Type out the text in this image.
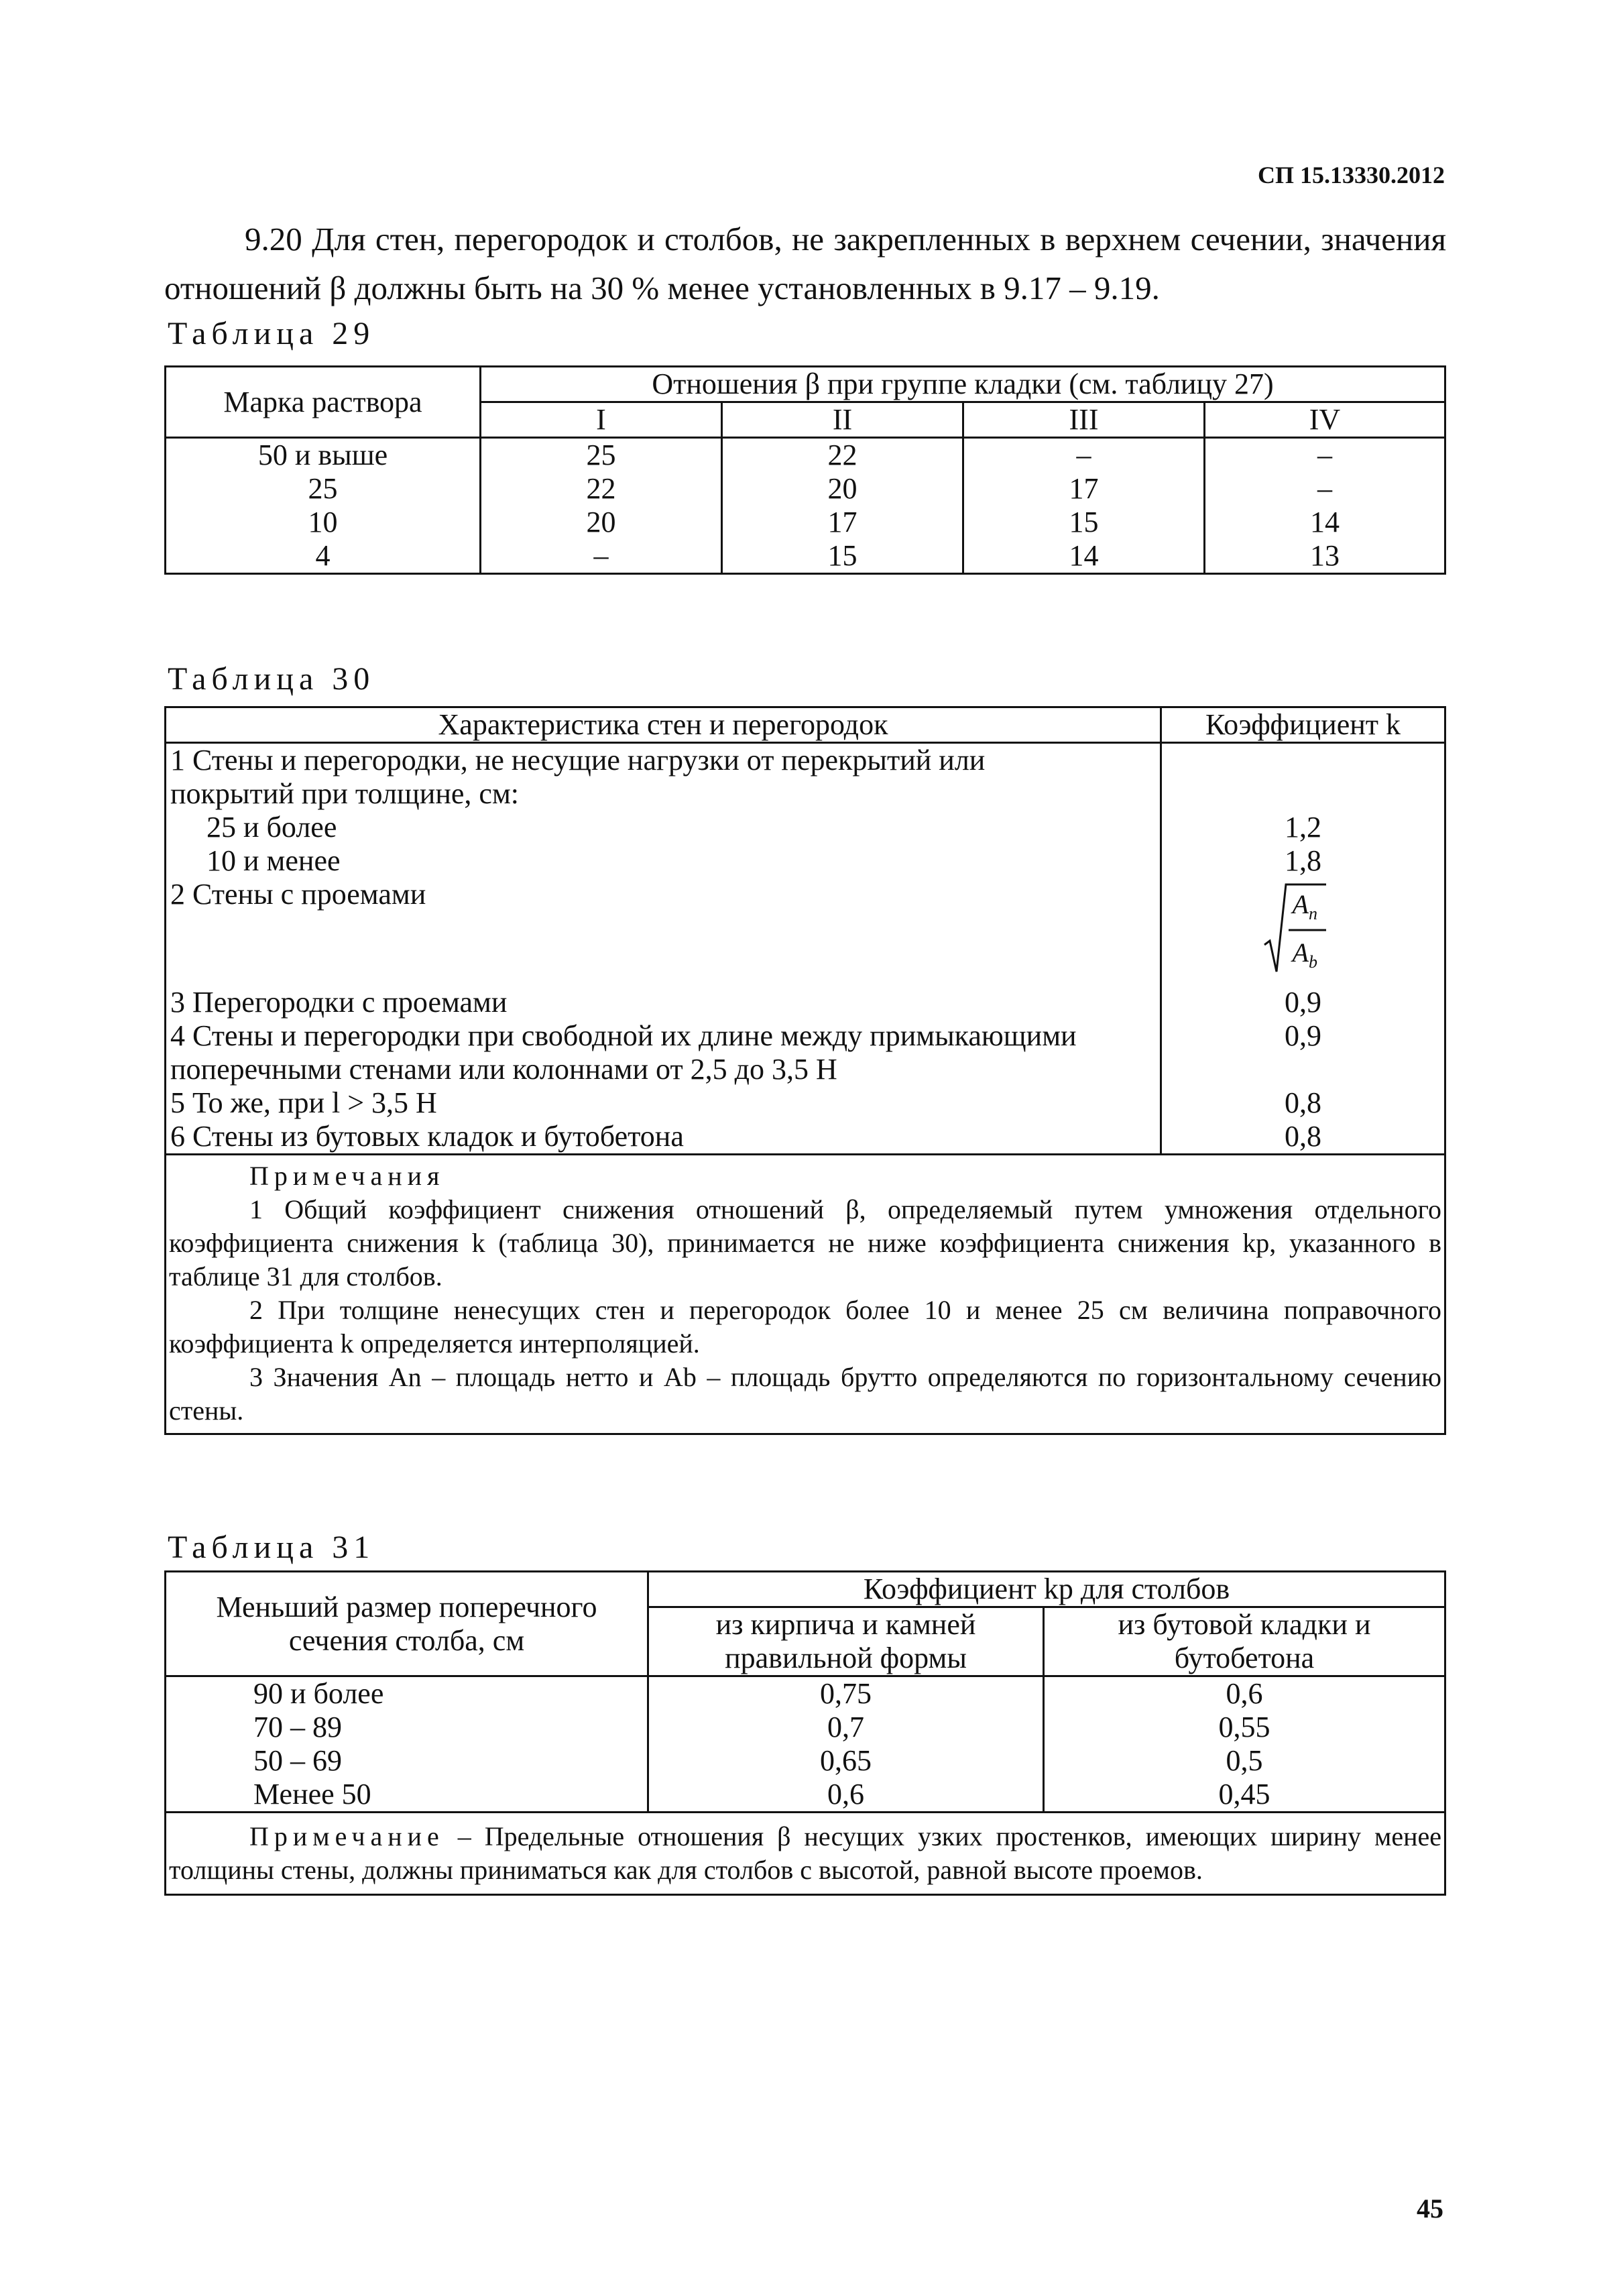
СП 15.13330.2012
9.20 Для стен, перегородок и столбов, не закрепленных в верхнем сечении, значения отношений β должны быть на 30 % менее установленных в 9.17 – 9.19.
Таблица 29
Марка раствора	Отношения β при группе кладки (см. таблицу 27)			
	I	II	III	IV
50 и выше	25	22	–	–
25	22	20	17	–
10	20	17	15	14
4	–	15	14	13
Таблица 30
Характеристика стен и перегородок	Коэффициент k

1 Стены и перегородки, не несущие нагрузки от перекрытий или
покрытий при толщине, см:	

25 и более	1,2
10 и менее	1,8
2 Стены с проемами	$A_n$
$A_b$

3 Перегородки с проемами	0,9

4 Стены и перегородки при свободной их длине между примыкающими
поперечными стенами или колоннами от 2,5 до 3,5 H	0,9
5 То же, при l > 3,5 H	0,8
6 Стены из бутовых кладок и бутобетона	0,8

Примечания
1 Общий коэффициент снижения отношений β, определяемый путем умножения отдельного коэффициента снижения k (таблица 30), принимается не ниже коэффициента снижения kp, указанного в таблице 31 для столбов.
2 При толщине ненесущих стен и перегородок более 10 и менее 25 см величина поправочного коэффициента k определяется интерполяцией.
3 Значения An – площадь нетто и Ab – площадь брутто определяются по горизонтальному сечению стены.	
Таблица 31
Меньший размер поперечного сечения столба, см	Коэффициент kp для столбов	
	из кирпича и камней правильной формы	из бутовой кладки и бутобетона
90 и более	0,75	0,6
70 – 89	0,7	0,55
50 – 69	0,65	0,5
Менее 50	0,6	0,45

Примечание – Предельные отношения β несущих узких простенков, имеющих ширину менее толщины стены, должны приниматься как для столбов с высотой, равной высоте проемов.		
45
